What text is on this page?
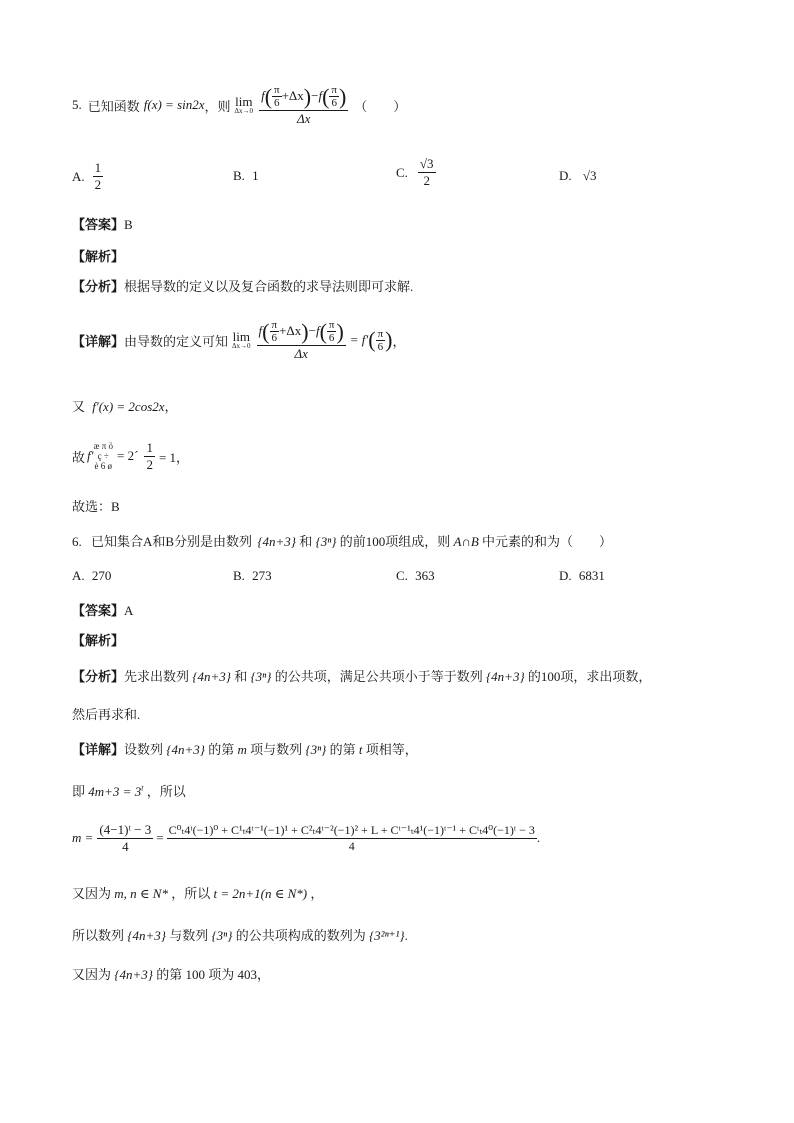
5. 已知函数 f(x) = sin2x ，则 lim
$\Delta x\to 0 \frac{f( \frac{\pi}{6} +\Delta x)-f( \frac{\pi}{6} )}{\Delta x}$ （　　）
A. $\frac{1}{2}$	B. 1	C. $\frac{√3}{2}$	D. √3
【答案】B
【解析】
【分析】根据导数的定义以及复合函数的求导法则即可求解.
【详解】 由导数的定义可知 lim
$\Delta x\to 0 \frac{f( \frac{\pi}{6} +\Delta x)-f( \frac{\pi}{6} )}{\Delta x} = f'$ ( $\frac{\pi}{6}$ ) ，
又 f′(x) = 2cos2x，
故 f′
æ π ö
ç ÷
è 6 ø
= 2´ $\frac{1}{2} = 1$，
故选：B
6. 已知集合A和B分别是由数列 {4n+3} 和 {3ⁿ} 的前100项组成，则 A∩B 中元素的和为（　　）
A. 270	B. 273	C. 363	D. 6831
【答案】A
【解析】
【分析】先求出数列 {4n+3} 和 {3ⁿ} 的公共项，满足公共项小于等于数列 {4n+3} 的100项，求出项数，
然后再求和.
【详解】设数列 {4n+3} 的第 m 项与数列 {3ⁿ} 的第 t 项相等，
即 $4m+3 = 3^t$ ，所以
$m = \frac{\text{(4−1)ᵗ − 3}}{4}$ =
C⁰ₜ4ᵗ(−1)⁰ + C¹ₜ4ᵗ⁻¹(−1)¹ + C²ₜ4ᵗ⁻²(−1)² + L + Cᵗ⁻¹ₜ4¹(−1)ᵗ⁻¹ + Cᵗₜ4⁰(−1)ᵗ − 3
4
.
又因为 m, n ∈ N* ，所以 t = 2n+1(n ∈ N*) ，
所以数列 {4n+3} 与数列 {3ⁿ} 的公共项构成的数列为 {3²ⁿ⁺¹}.
又因为 {4n+3} 的第 100 项为 403，
